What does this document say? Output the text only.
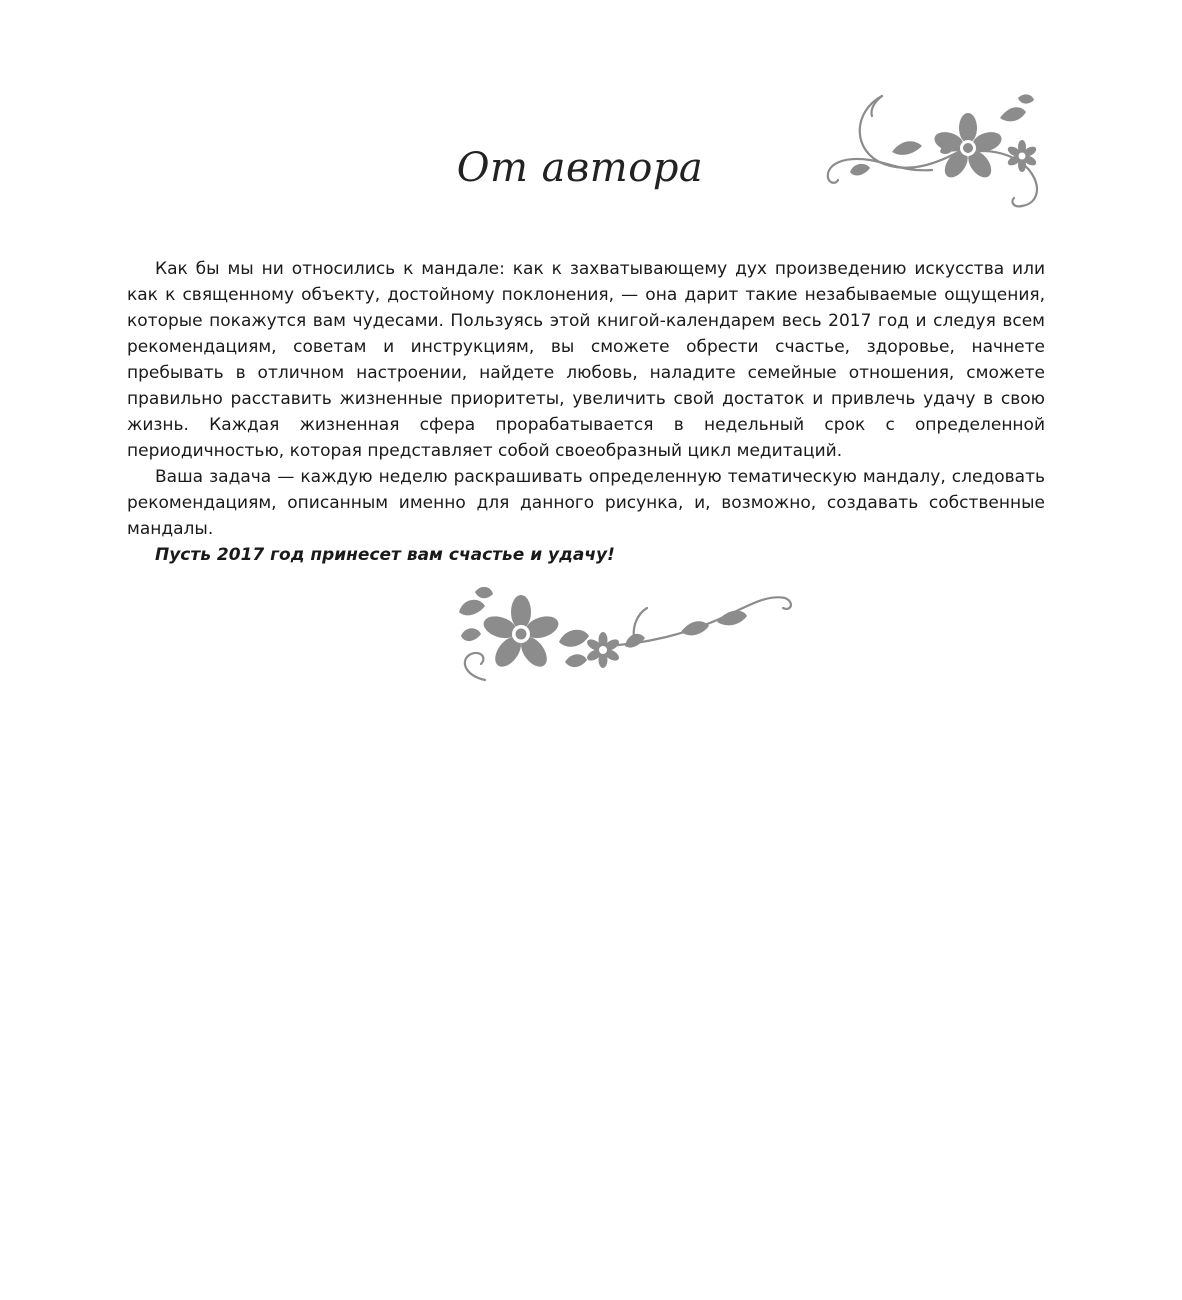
От автора

Как бы мы ни относились к мандале: как к захватывающему дух произведению искусства или как к священному объекту, достойному поклонения, — она дарит такие незабываемые ощущения, которые покажутся вам чудесами. Пользуясь этой книгой-календарем весь 2017 год и следуя всем рекомендациям, советам и инструкциям, вы сможете обрести счастье, здоровье, начнете пребывать в отличном настроении, найдете любовь, наладите семейные отношения, сможете правильно расставить жизненные приоритеты, увеличить свой достаток и привлечь удачу в свою жизнь. Каждая жизненная сфера прорабатывается в недельный срок с определенной периодичностью, которая представляет собой своеобразный цикл медитаций.

Ваша задача — каждую неделю раскрашивать определенную тематическую мандалу, следовать рекомендациям, описанным именно для данного рисунка, и, возможно, создавать собственные мандалы.

Пусть 2017 год принесет вам счастье и удачу!
